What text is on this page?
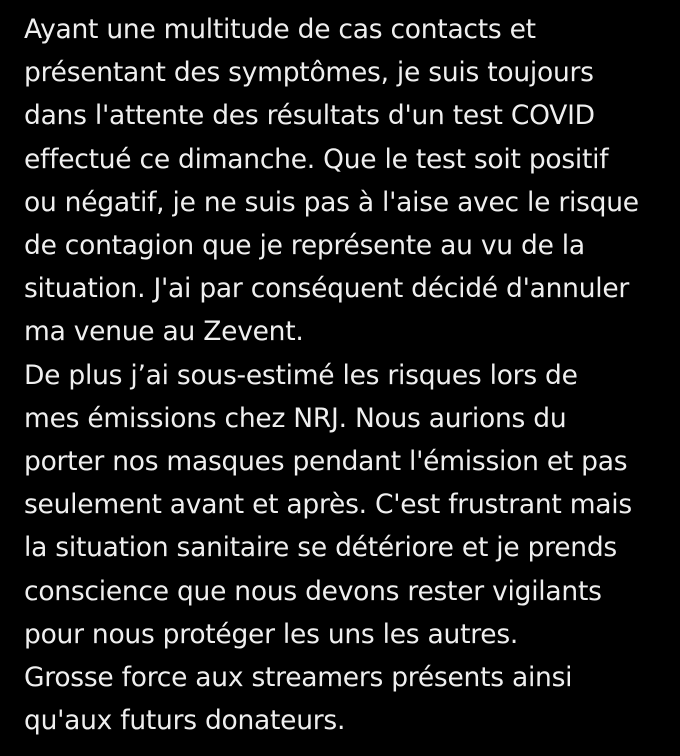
Ayant une multitude de cas contacts et
présentant des symptômes, je suis toujours
dans l'attente des résultats d'un test COVID
effectué ce dimanche. Que le test soit positif
ou négatif, je ne suis pas à l'aise avec le risque
de contagion que je représente au vu de la
situation. J'ai par conséquent décidé d'annuler
ma venue au Zevent.
De plus j’ai sous-estimé les risques lors de
mes émissions chez NRJ. Nous aurions du
porter nos masques pendant l'émission et pas
seulement avant et après. C'est frustrant mais
la situation sanitaire se détériore et je prends
conscience que nous devons rester vigilants
pour nous protéger les uns les autres.
Grosse force aux streamers présents ainsi
qu'aux futurs donateurs.
